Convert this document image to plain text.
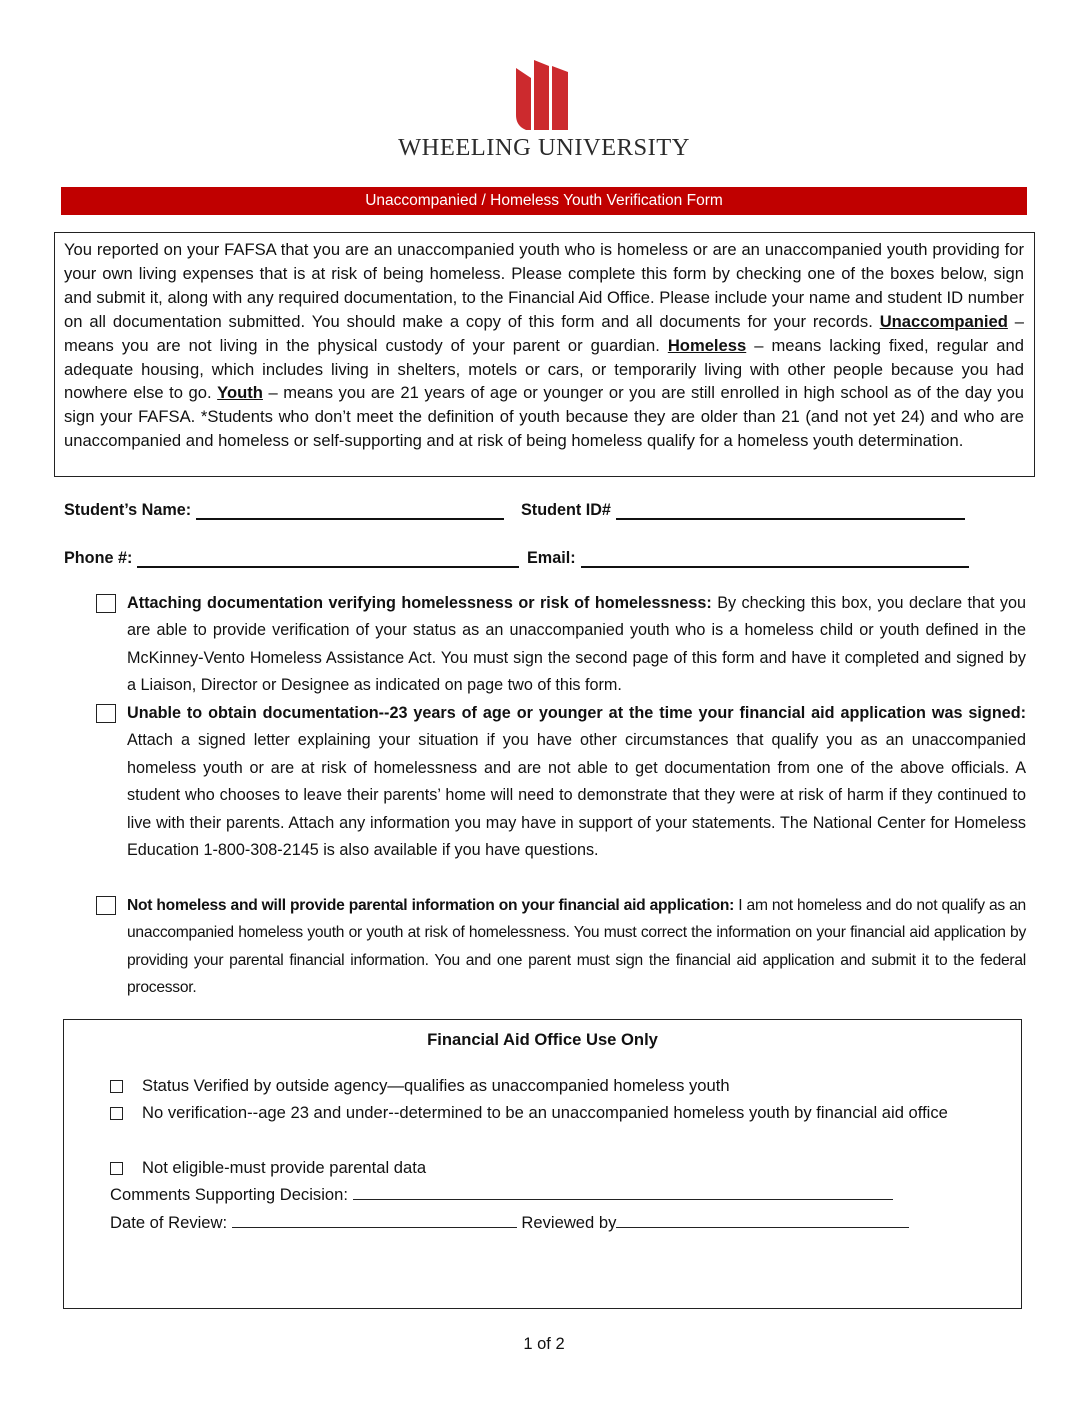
WHEELING UNIVERSITY
Unaccompanied / Homeless Youth Verification Form

You reported on your FAFSA that you are an unaccompanied youth who is homeless or are an unaccompanied youth providing for your own living expenses that is at risk of being homeless. Please complete this form by checking one of the boxes below, sign and submit it, along with any required documentation, to the Financial Aid Office. Please include your name and student ID number on all documentation submitted. You should make a copy of this form and all documents for your records. Unaccompanied – means you are not living in the physical custody of your parent or guardian. Homeless – means lacking fixed, regular and adequate housing, which includes living in shelters, motels or cars, or temporarily living with other people because you had nowhere else to go. Youth – means you are 21 years of age or younger or you are still enrolled in high school as of the day you sign your FAFSA. *Students who don’t meet the definition of youth because they are older than 21 (and not yet 24) and who are unaccompanied and homeless or self-supporting and at risk of being homeless qualify for a homeless youth determination.

Student’s Name:	Student ID#
Phone #:	Email:

Attaching documentation verifying homelessness or risk of homelessness: By checking this box, you declare that you are able to provide verification of your status as an unaccompanied youth who is a homeless child or youth defined in the McKinney-Vento Homeless Assistance Act. You must sign the second page of this form and have it completed and signed by a Liaison, Director or Designee as indicated on page two of this form.

Unable to obtain documentation--23 years of age or younger at the time your financial aid application was signed: Attach a signed letter explaining your situation if you have other circumstances that qualify you as an unaccompanied homeless youth or are at risk of homelessness and are not able to get documentation from one of the above officials. A student who chooses to leave their parents’ home will need to demonstrate that they were at risk of harm if they continued to live with their parents. Attach any information you may have in support of your statements. The National Center for Homeless Education 1-800-308-2145 is also available if you have questions.

Not homeless and will provide parental information on your financial aid application: I am not homeless and do not qualify as an unaccompanied homeless youth or youth at risk of homelessness. You must correct the information on your financial aid application by providing your parental financial information. You and one parent must sign the financial aid application and submit it to the federal processor.

Financial Aid Office Use Only
Status Verified by outside agency—qualifies as unaccompanied homeless youth
No verification--age 23 and under--determined to be an unaccompanied homeless youth by financial aid office
Not eligible-must provide parental data
Comments Supporting Decision:
Date of Review:	Reviewed by
1 of 2
